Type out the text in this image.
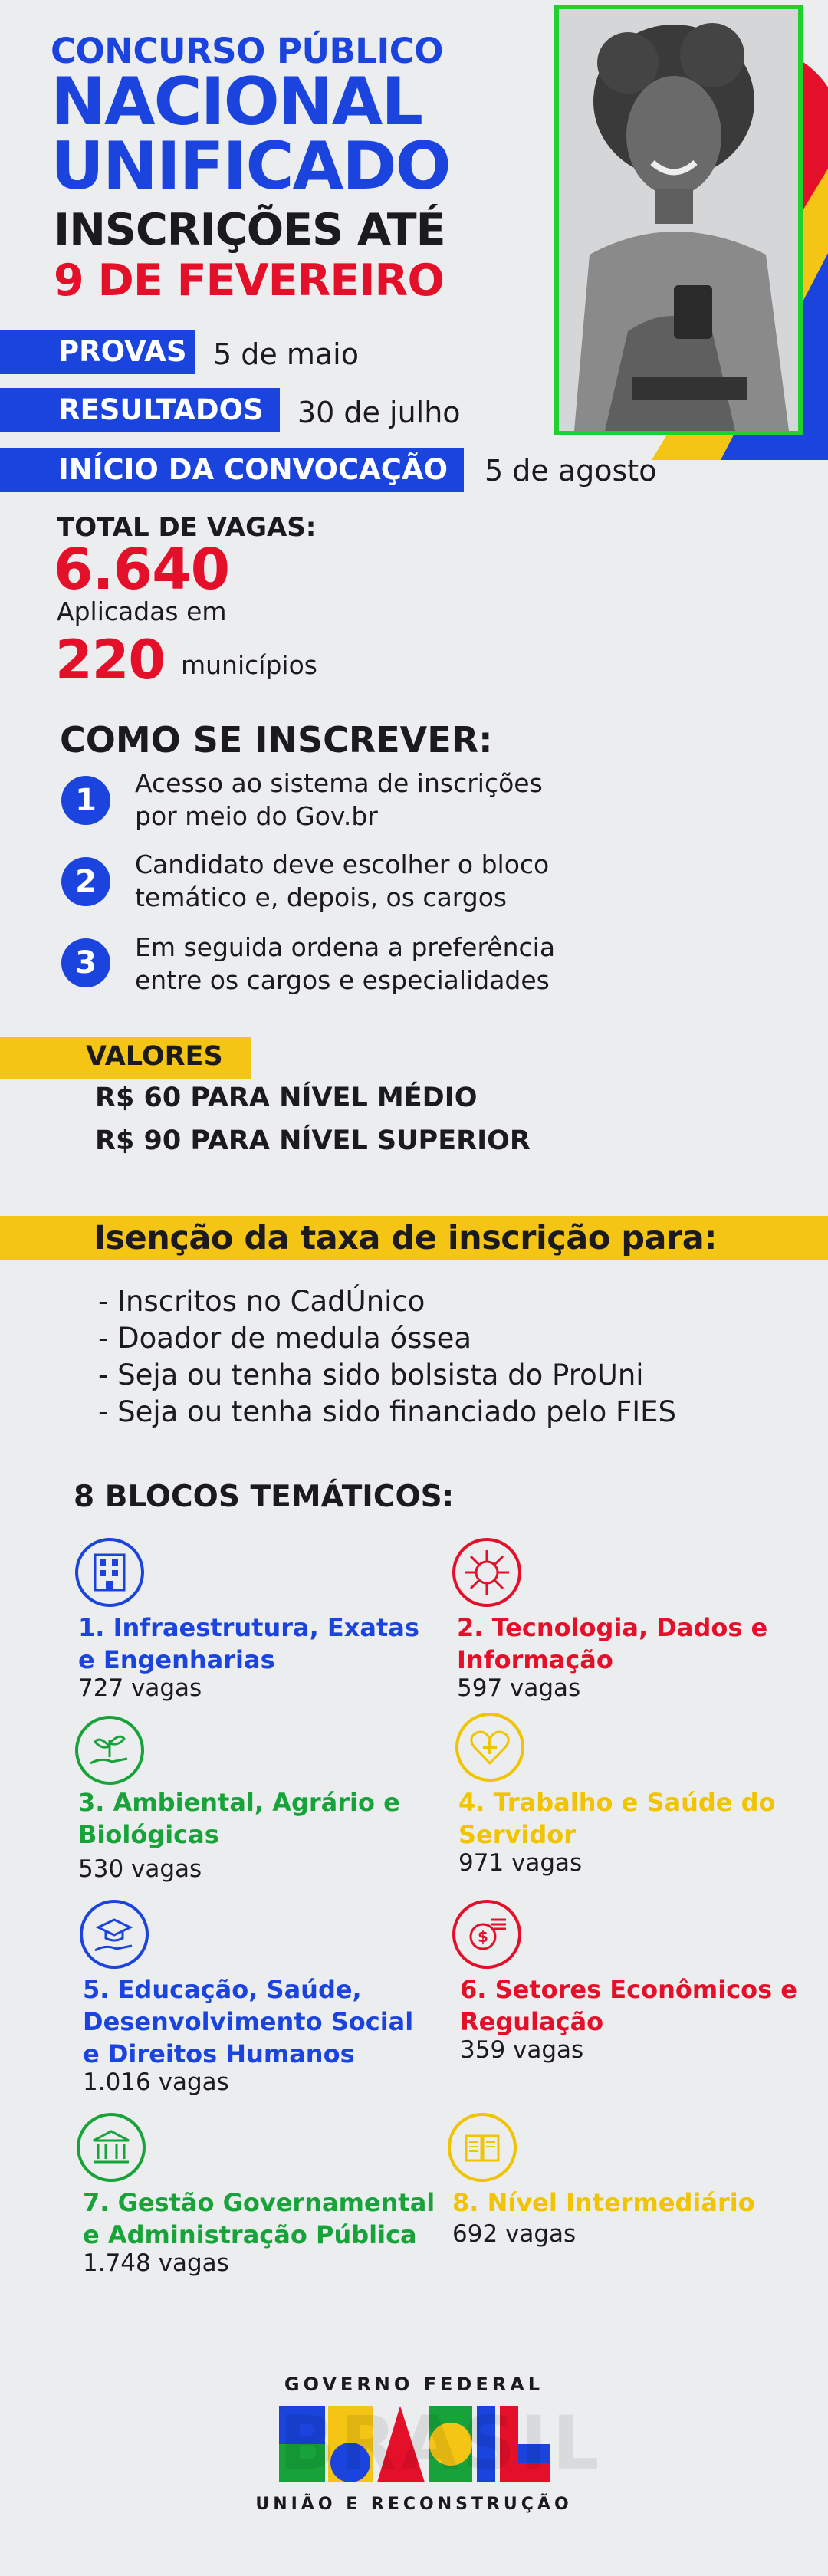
CONCURSO PÚBLICO
NACIONAL
UNIFICADO
INSCRIÇÕES ATÉ
9 DE FEVEREIRO
PROVAS 5 de maio
RESULTADOS	30 de julho
INÍCIO DA CONVOCAÇÃO	5 de agosto
TOTAL DE VAGAS:
6.640
Aplicadas em
220 municípios
COMO SE INSCREVER:
1	Acesso ao sistema de inscrições
por meio do Gov.br
2	Candidato deve escolher o bloco
temático e, depois, os cargos
3	Em seguida ordena a preferência
entre os cargos e especialidades
VALORES
R$ 60 PARA NÍVEL MÉDIO
R$ 90 PARA NÍVEL SUPERIOR
Isenção da taxa de inscrição para:
- Inscritos no CadÚnico
- Doador de medula óssea
- Seja ou tenha sido bolsista do ProUni
- Seja ou tenha sido financiado pelo FIES
8 BLOCOS TEMÁTICOS:
1. Infraestrutura, Exatas
e Engenharias
727 vagas
2. Tecnologia, Dados e
Informação
597 vagas
3. Ambiental, Agrário e
Biológicas
530 vagas
4. Trabalho e Saúde do
Servidor
971 vagas
5. Educação, Saúde,
Desenvolvimento Social
e Direitos Humanos
1.016 vagas
$
6. Setores Econômicos e
Regulação
359 vagas
7. Gestão Governamental
e Administração Pública
1.748 vagas
8. Nível Intermediário
692 vagas
GOVERNO FEDERAL
BRASIL
UNIÃO E RECONSTRUÇÃO
